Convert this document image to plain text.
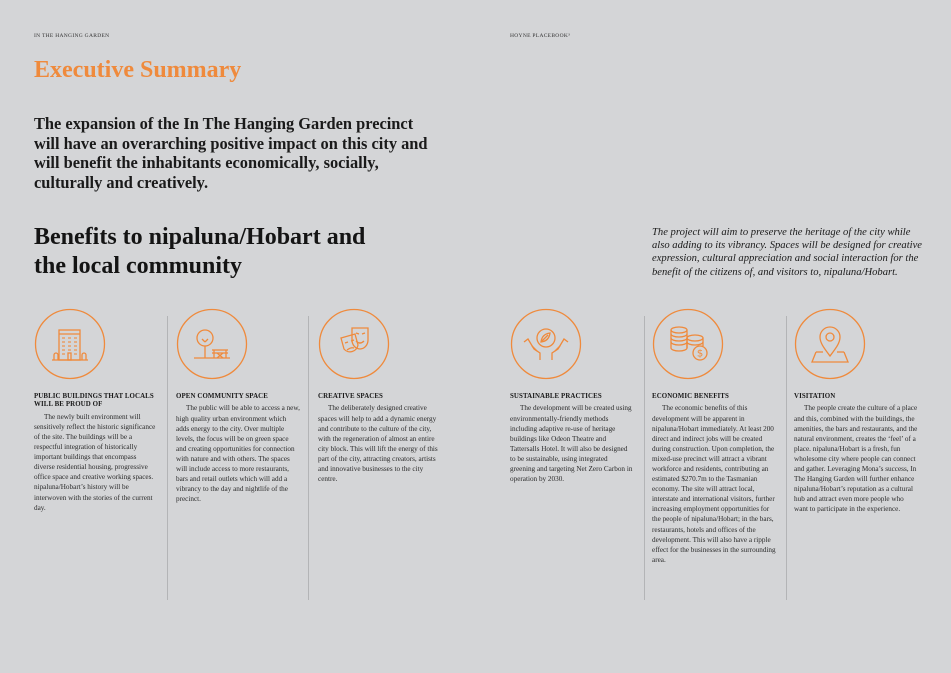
IN THE HANGING GARDEN	HOYNE PLACEBOOK³
Executive Summary

The expansion of the In The Hanging Garden precinct will have an overarching positive impact on this city and will benefit the inhabitants economically, socially, culturally and creatively.

Benefits to nipaluna/Hobart and the local community

The project will aim to preserve the heritage of the city while also adding to its vibrancy. Spaces will be designed for creative expression, cultural appreciation and social interaction for the benefit of the citizens of, and visitors to, nipaluna/Hobart.

PUBLIC BUILDINGS THAT LOCALS WILL BE PROUD OF

The newly built environment will sensitively reflect the historic significance of the site. The buildings will be a respectful integration of historically important buildings that encompass diverse residential housing, progressive office space and creative working spaces. nipaluna/Hobart’s history will be interwoven with the stories of the current day.

OPEN COMMUNITY SPACE

The public will be able to access a new, high quality urban environment which adds energy to the city. Over multiple levels, the focus will be on green space and creating opportunities for connection with nature and with others. The spaces will include access to more restaurants, bars and retail outlets which will add a vibrancy to the day and nightlife of the precinct.

CREATIVE SPACES

The deliberately designed creative spaces will help to add a dynamic energy and contribute to the culture of the city, with the regeneration of almost an entire city block. This will lift the energy of this part of the city, attracting creators, artists and innovative businesses to the city centre.

SUSTAINABLE PRACTICES

The development will be created using environmentally-friendly methods including adaptive re-use of heritage buildings like Odeon Theatre and Tattersalls Hotel. It will also be designed to be sustainable, using integrated greening and targeting Net Zero Carbon in operation by 2030.

$
ECONOMIC BENEFITS

The economic benefits of this development will be apparent in nipaluna/Hobart immediately. At least 200 direct and indirect jobs will be created during construction. Upon completion, the mixed-use precinct will attract a vibrant workforce and residents, contributing an estimated $270.7m to the Tasmanian economy. The site will attract local, interstate and international visitors, further increasing employment opportunities for the people of nipaluna/Hobart; in the bars, restaurants, hotels and offices of the development. This will also have a ripple effect for the businesses in the surrounding area.

VISITATION

The people create the culture of a place and this, combined with the buildings, the amenities, the bars and restaurants, and the natural environment, creates the ‘feel’ of a place. nipaluna/Hobart is a fresh, fun wholesome city where people can connect and gather. Leveraging Mona’s success, In The Hanging Garden will further enhance nipaluna/Hobart’s reputation as a cultural hub and attract even more people who want to participate in the experience.
